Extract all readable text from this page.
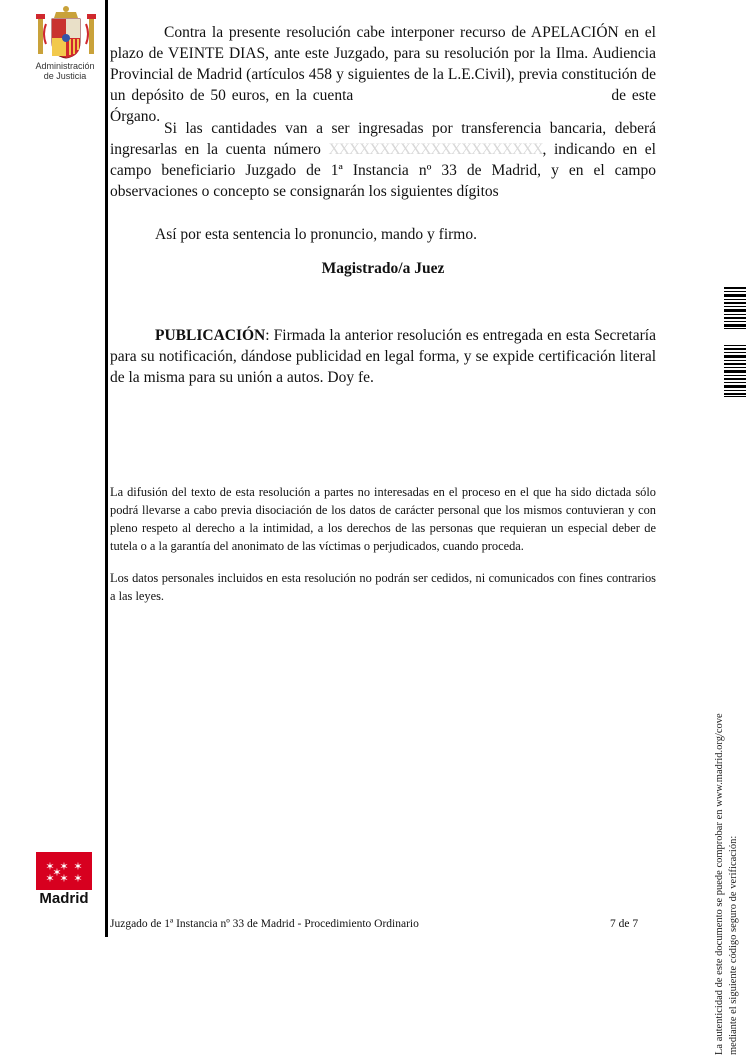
Administración
de Justicia
Contra la presente resolución cabe interponer recurso de APELACIÓN en el plazo de VEINTE DIAS, ante este Juzgado, para su resolución por la Ilma. Audiencia Provincial de Madrid (artículos 458 y siguientes de la L.E.Civil), previa constitución de un depósito de 50 euros, en la cuenta	de este Órgano.
Si las cantidades van a ser ingresadas por transferencia bancaria, deberá ingresarlas en la cuenta número XXXXXXXXXXXXXXXXXXXXX, indicando en el campo beneficiario Juzgado de 1ª Instancia nº 33 de Madrid, y en el campo observaciones o concepto se consignarán los siguientes dígitos
Así por esta sentencia lo pronuncio, mando y firmo.
Magistrado/a Juez
PUBLICACIÓN: Firmada la anterior resolución es entregada en esta Secretaría para su notificación, dándose publicidad en legal forma, y se expide certificación literal de la misma para su unión a autos. Doy fe.
La difusión del texto de esta resolución a partes no interesadas en el proceso en el que ha sido dictada sólo podrá llevarse a cabo previa disociación de los datos de carácter personal que los mismos contuvieran y con pleno respeto al derecho a la intimidad, a los derechos de las personas que requieran un especial deber de tutela o a la garantía del anonimato de las víctimas o perjudicados, cuando proceda.
Los datos personales incluidos en esta resolución no podrán ser cedidos, ni comunicados con fines contrarios a las leyes.
La autenticidad de este documento se puede comprobar en www.madrid.org/cove mediante el siguiente código seguro de verificación:
✶ ✶ ✶
✶ ✶ ✶
✶
Madrid
Juzgado de 1ª Instancia nº 33 de Madrid - Procedimiento Ordinario	7 de 7
